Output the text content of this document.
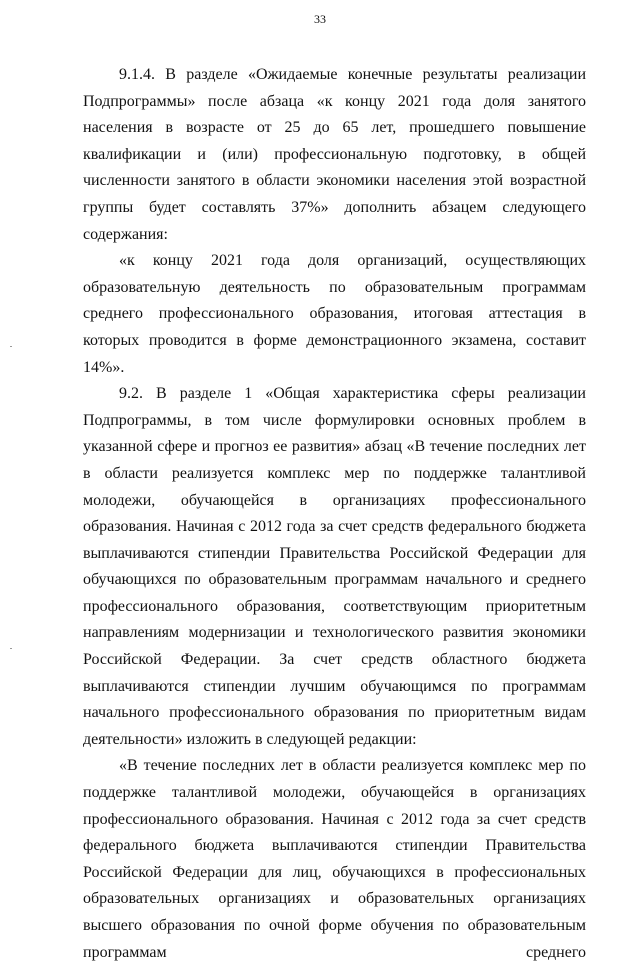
33

9.1.4. В разделе «Ожидаемые конечные результаты реализации Подпрограммы» после абзаца «к концу 2021 года доля занятого населения в возрасте от 25 до 65 лет, прошедшего повышение квалификации и (или) профессиональную подготовку, в общей численности занятого в области экономики населения этой возрастной группы будет составлять 37%» дополнить абзацем следующего содержания:

«к концу 2021 года доля организаций, осуществляющих образовательную деятельность по образовательным программам среднего профессионального образования, итоговая аттестация в которых проводится в форме демонстрационного экзамена, составит 14%».

9.2. В разделе 1 «Общая характеристика сферы реализации Подпрограммы, в том числе формулировки основных проблем в указанной сфере и прогноз ее развития» абзац «В течение последних лет в области реализуется комплекс мер по поддержке талантливой молодежи, обучающейся в организациях профессионального образования. Начиная с 2012 года за счет средств федерального бюджета выплачиваются стипендии Правительства Российской Федерации для обучающихся по образовательным программам начального и среднего профессионального образования, соответствующим приоритетным направлениям модернизации и технологического развития экономики Российской Федерации. За счет средств областного бюджета выплачиваются стипендии лучшим обучающимся по программам начального профессионального образования по приоритетным видам деятельности» изложить в следующей редакции:

«В течение последних лет в области реализуется комплекс мер по поддержке талантливой молодежи, обучающейся в организациях профессионального образования. Начиная с 2012 года за счет средств федерального бюджета выплачиваются стипендии Правительства Российской Федерации для лиц, обучающихся в профессиональных образовательных организациях и образовательных организациях высшего образования по очной форме обучения по образовательным программам среднего
